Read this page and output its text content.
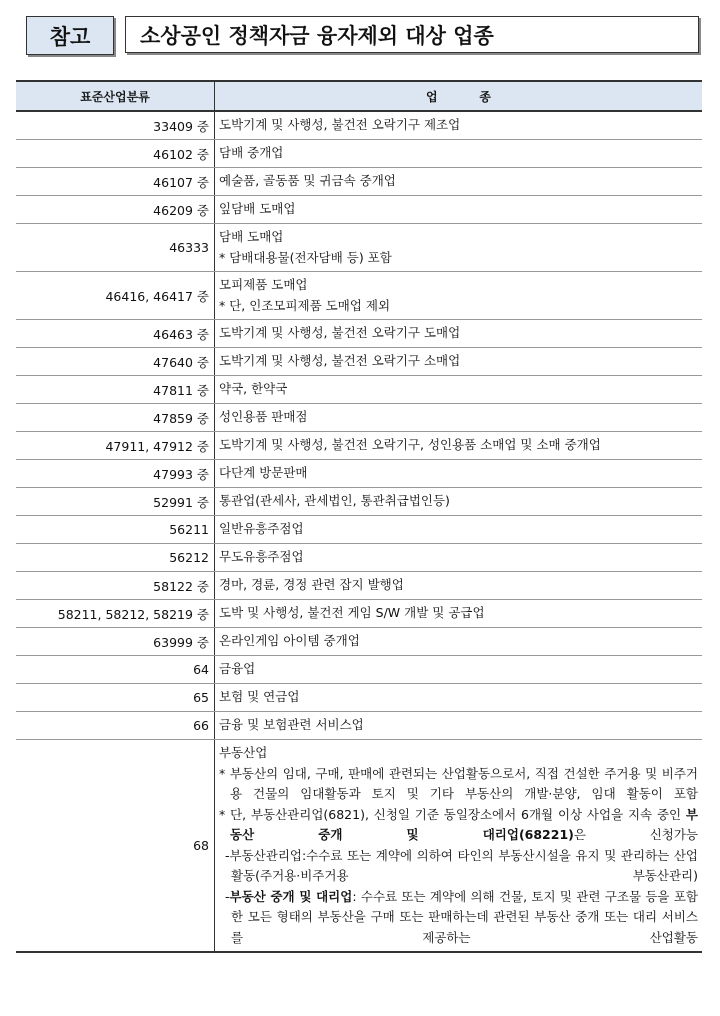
참고	소상공인 정책자금 융자제외 대상 업종
표준산업분류	업          종
33409 중	도박기계 및 사행성, 불건전 오락기구 제조업

46102 중	담배 중개업

46107 중	예술품, 골동품 및 귀금속 중개업

46209 중	잎담배 도매업

46333	담배 도매업
* 담배대용물(전자담배 등) 포함

46416, 46417 중	모피제품 도매업
* 단, 인조모피제품 도매업 제외

46463 중	도박기계 및 사행성, 불건전 오락기구 도매업

47640 중	도박기계 및 사행성, 불건전 오락기구 소매업

47811 중	약국, 한약국

47859 중	성인용품 판매점

47911, 47912 중	도박기계 및 사행성, 불건전 오락기구, 성인용품 소매업 및 소매 중개업

47993 중	다단계 방문판매

52991 중	통관업(관세사, 관세법인, 통관취급법인등)

56211	일반유흥주점업

56212	무도유흥주점업

58122 중	경마, 경륜, 경정 관련 잡지 발행업

58211, 58212, 58219 중	도박 및 사행성, 불건전 게임 S/W 개발 및 공급업

63999 중	온라인게임 아이템 중개업

64	금융업

65	보험 및 연금업

66	금융 및 보험관련 서비스업

68	부동산업
* 부동산의 임대, 구매, 판매에 관련되는 산업활동으로서, 직접 건설한 주거용 및 비주거용 건물의 임대활동과 토지 및 기타 부동산의 개발·분양, 임대 활동이 포함
* 단, 부동산관리업(6821), 신청일 기준 동일장소에서 6개월 이상 사업을 지속 중인 부동산 중개 및 대리업(68221)은 신청가능
-부동산관리업:수수료 또는 계약에 의하여 타인의 부동산시설을 유지 및 관리하는 산업활동(주거용·비주거용 부동산관리)
-부동산 중개 및 대리업: 수수료 또는 계약에 의해 건물, 토지 및 관련 구조물 등을 포함한 모든 형태의 부동산을 구매 또는 판매하는데 관련된 부동산 중개 또는 대리 서비스를 제공하는 산업활동
